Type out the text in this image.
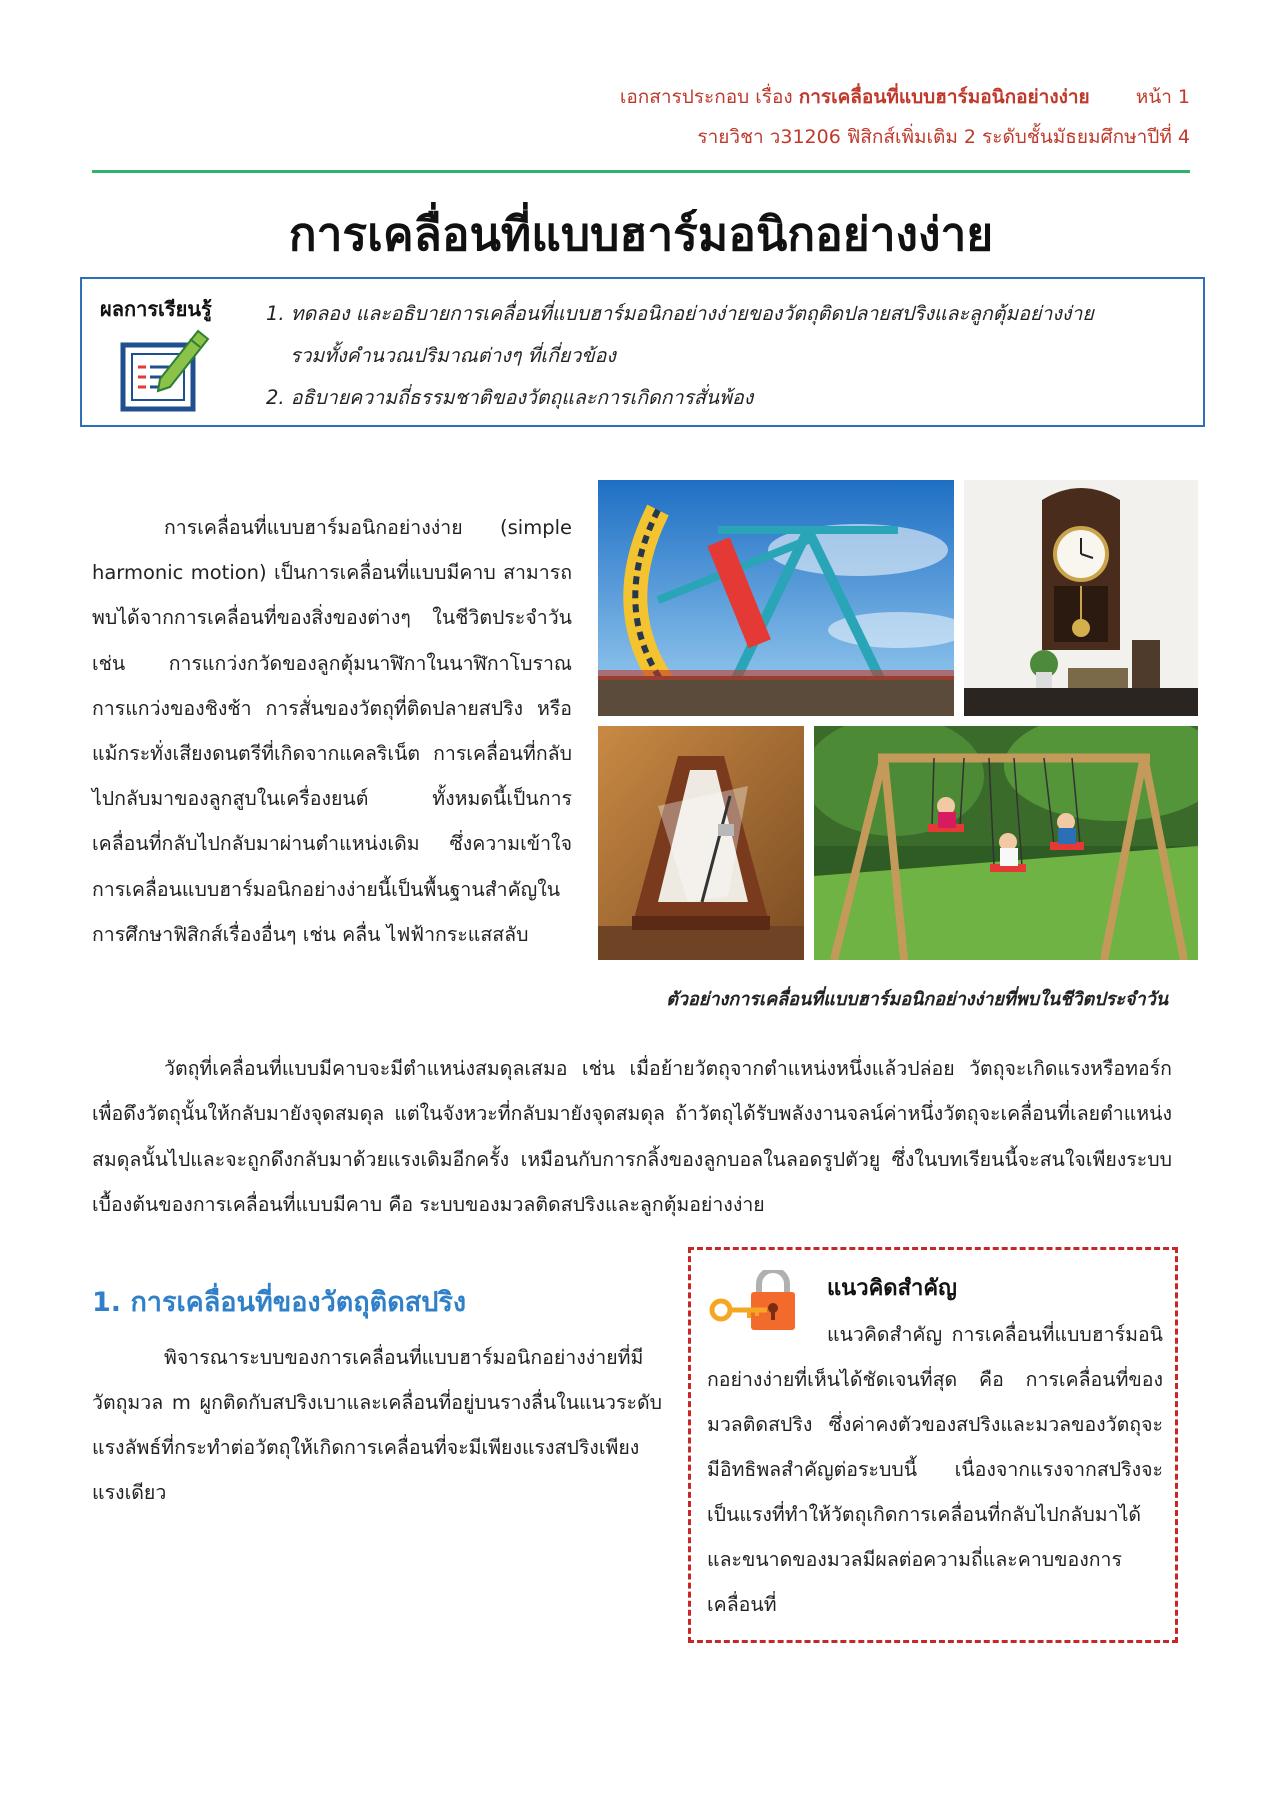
เอกสารประกอบ เรื่อง การเคลื่อนที่แบบฮาร์มอนิกอย่างง่าย หน้า 1
รายวิชา ว31206 ฟิสิกส์เพิ่มเติม 2 ระดับชั้นมัธยมศึกษาปีที่ 4
การเคลื่อนที่แบบฮาร์มอนิกอย่างง่าย
ผลการเรียนรู้	1. ทดลอง และอธิบายการเคลื่อนที่แบบฮาร์มอนิกอย่างง่ายของวัตถุติดปลายสปริงและลูกตุ้มอย่างง่าย
รวมทั้งคำนวณปริมาณต่างๆ ที่เกี่ยวข้อง
2. อธิบายความถี่ธรรมชาติของวัตถุและการเกิดการสั่นพ้อง
การเคลื่อนที่แบบฮาร์มอนิกอย่างง่าย (simple harmonic motion) เป็นการเคลื่อนที่แบบมีคาบ สามารถพบได้จากการเคลื่อนที่ของสิ่งของต่างๆ ในชีวิตประจำวัน เช่น การแกว่งกวัดของลูกตุ้มนาฬิกาในนาฬิกาโบราณ การแกว่งของชิงช้า การสั่นของวัตถุที่ติดปลายสปริง หรือแม้กระทั่งเสียงดนตรีที่เกิดจากแคลริเน็ต การเคลื่อนที่กลับไปกลับมาของลูกสูบในเครื่องยนต์ ทั้งหมดนี้เป็นการเคลื่อนที่กลับไปกลับมาผ่านตำแหน่งเดิม ซึ่งความเข้าใจการเคลื่อนแบบฮาร์มอนิกอย่างง่ายนี้เป็นพื้นฐานสำคัญในการศึกษาฟิสิกส์เรื่องอื่นๆ เช่น คลื่น ไฟฟ้ากระแสสลับ
ตัวอย่างการเคลื่อนที่แบบฮาร์มอนิกอย่างง่ายที่พบในชีวิตประจำวัน
วัตถุที่เคลื่อนที่แบบมีคาบจะมีตำแหน่งสมดุลเสมอ เช่น เมื่อย้ายวัตถุจากตำแหน่งหนึ่งแล้วปล่อย วัตถุจะเกิดแรงหรือทอร์กเพื่อดึงวัตถุนั้นให้กลับมายังจุดสมดุล แต่ในจังหวะที่กลับมายังจุดสมดุล ถ้าวัตถุได้รับพลังงานจลน์ค่าหนึ่งวัตถุจะเคลื่อนที่เลยตำแหน่งสมดุลนั้นไปและจะถูกดึงกลับมาด้วยแรงเดิมอีกครั้ง เหมือนกับการกลิ้งของลูกบอลในลอดรูปตัวยู ซึ่งในบทเรียนนี้จะสนใจเพียงระบบเบื้องต้นของการเคลื่อนที่แบบมีคาบ คือ ระบบของมวลติดสปริงและลูกตุ้มอย่างง่าย
1. การเคลื่อนที่ของวัตถุติดสปริง
พิจารณาระบบของการเคลื่อนที่แบบฮาร์มอนิกอย่างง่ายที่มีวัตถุมวล m ผูกติดกับสปริงเบาและเคลื่อนที่อยู่บนรางลื่นในแนวระดับ แรงลัพธ์ที่กระทำต่อวัตถุให้เกิดการเคลื่อนที่จะมีเพียงแรงสปริงเพียงแรงเดียว
แนวคิดสำคัญ
แนวคิดสำคัญ การเคลื่อนที่แบบฮาร์มอนิกอย่างง่ายที่เห็นได้ชัดเจนที่สุด คือ การเคลื่อนที่ของมวลติดสปริง ซึ่งค่าคงตัวของสปริงและมวลของวัตถุจะมีอิทธิพลสำคัญต่อระบบนี้ เนื่องจากแรงจากสปริงจะเป็นแรงที่ทำให้วัตถุเกิดการเคลื่อนที่กลับไปกลับมาได้ และขนาดของมวลมีผลต่อความถี่และคาบของการเคลื่อนที่
